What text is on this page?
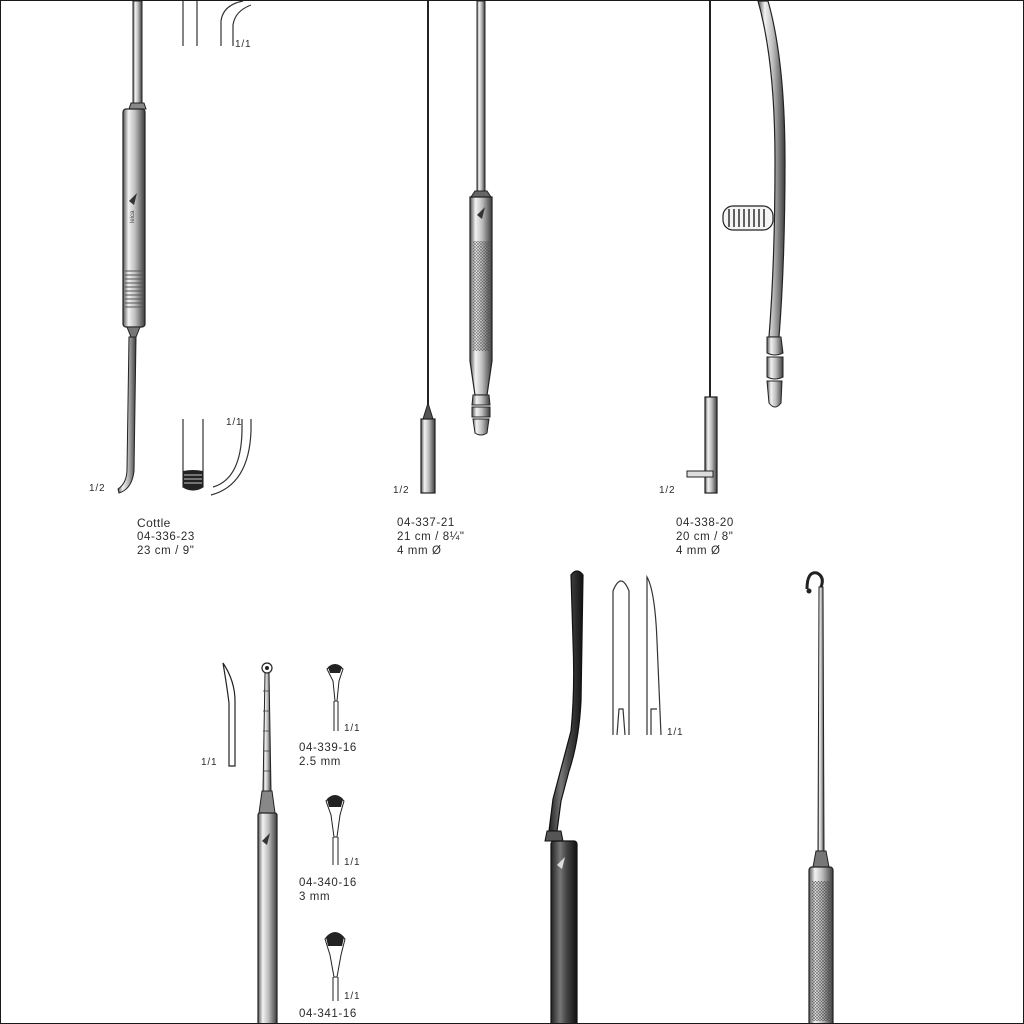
leica
1/1
1/1
1/2	1/2	1/2
1/1
1/1
1/1
1/1
1/1
Cottle
04-336-23
23 cm / 9"
04-337-21
21 cm / 8¼"
4 mm Ø
04-338-20
20 cm / 8"
4 mm Ø
04-339-16
2.5 mm
04-340-16
3 mm
04-341-16
